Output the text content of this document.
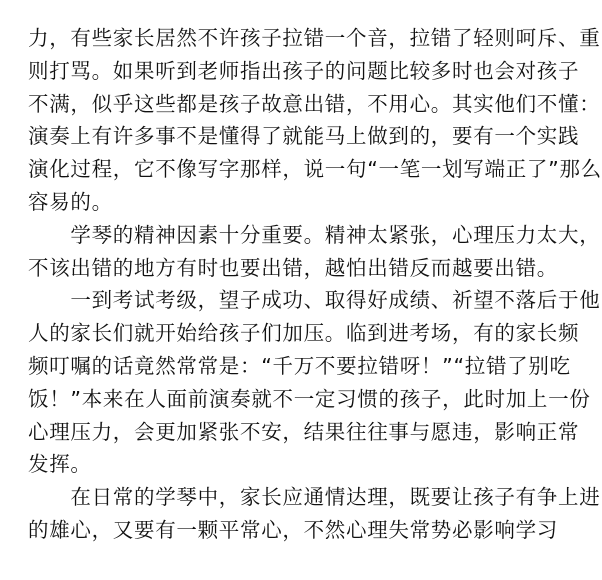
力，有些家长居然不许孩子拉错一个音，拉错了轻则呵斥、重
则打骂。如果听到老师指出孩子的问题比较多时也会对孩子
不满，似乎这些都是孩子故意出错，不用心。其实他们不懂：
演奏上有许多事不是懂得了就能马上做到的，要有一个实践
演化过程，它不像写字那样，说一句“一笔一划写端正了”那么
容易的。
　　学琴的精神因素十分重要。精神太紧张，心理压力太大，
不该出错的地方有时也要出错，越怕出错反而越要出错。
　　一到考试考级，望子成功、取得好成绩、祈望不落后于他
人的家长们就开始给孩子们加压。临到进考场，有的家长频
频叮嘱的话竟然常常是：“千万不要拉错呀！”“拉错了别吃
饭！”本来在人面前演奏就不一定习惯的孩子，此时加上一份
心理压力，会更加紧张不安，结果往往事与愿违，影响正常
发挥。
　　在日常的学琴中，家长应通情达理，既要让孩子有争上进
的雄心，又要有一颗平常心，不然心理失常势必影响学习
